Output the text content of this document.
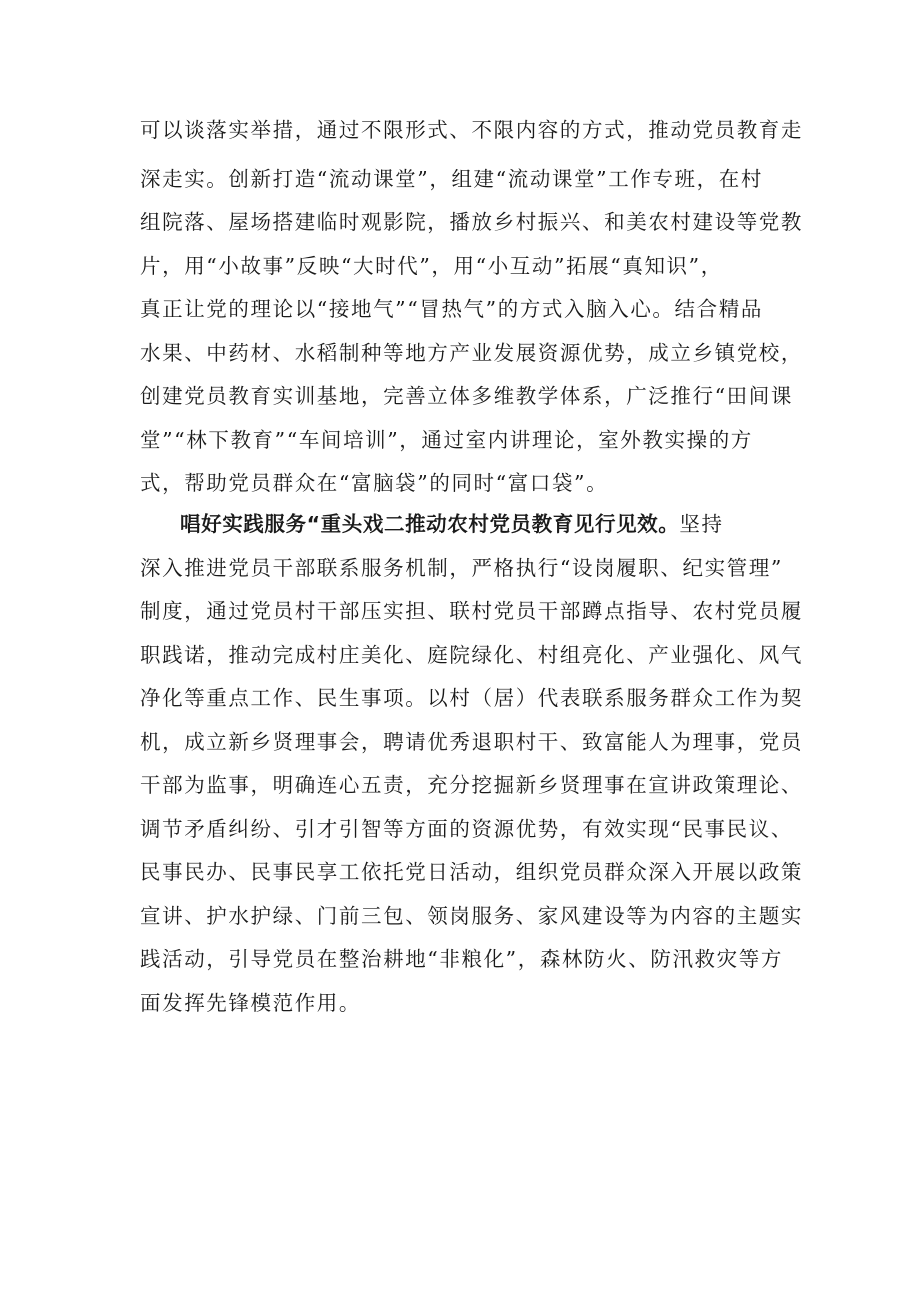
可以谈落实举措，通过不限形式、不限内容的方式，推动党员教育走
深走实。创新打造“流动课堂”，组建“流动课堂”工作专班，在村
组院落、屋场搭建临时观影院，播放乡村振兴、和美农村建设等党教
片，用“小故事”反映“大时代”，用“小互动”拓展“真知识”，
真正让党的理论以“接地气”“冒热气”的方式入脑入心。结合精品
水果、中药材、水稻制种等地方产业发展资源优势，成立乡镇党校，
创建党员教育实训基地，完善立体多维教学体系，广泛推行“田间课
堂”“林下教育”“车间培训”，通过室内讲理论，室外教实操的方
式，帮助党员群众在“富脑袋”的同时“富口袋”。
唱好实践服务“重头戏二推动农村党员教育见行见效。坚持
深入推进党员干部联系服务机制，严格执行“设岗履职、纪实管理”
制度，通过党员村干部压实担、联村党员干部蹲点指导、农村党员履
职践诺，推动完成村庄美化、庭院绿化、村组亮化、产业强化、风气
净化等重点工作、民生事项。以村（居）代表联系服务群众工作为契
机，成立新乡贤理事会，聘请优秀退职村干、致富能人为理事，党员
干部为监事，明确连心五责，充分挖掘新乡贤理事在宣讲政策理论、
调节矛盾纠纷、引才引智等方面的资源优势，有效实现“民事民议、
民事民办、民事民享工依托党日活动，组织党员群众深入开展以政策
宣讲、护水护绿、门前三包、领岗服务、家风建设等为内容的主题实
践活动，引导党员在整治耕地“非粮化”，森林防火、防汛救灾等方
面发挥先锋模范作用。
